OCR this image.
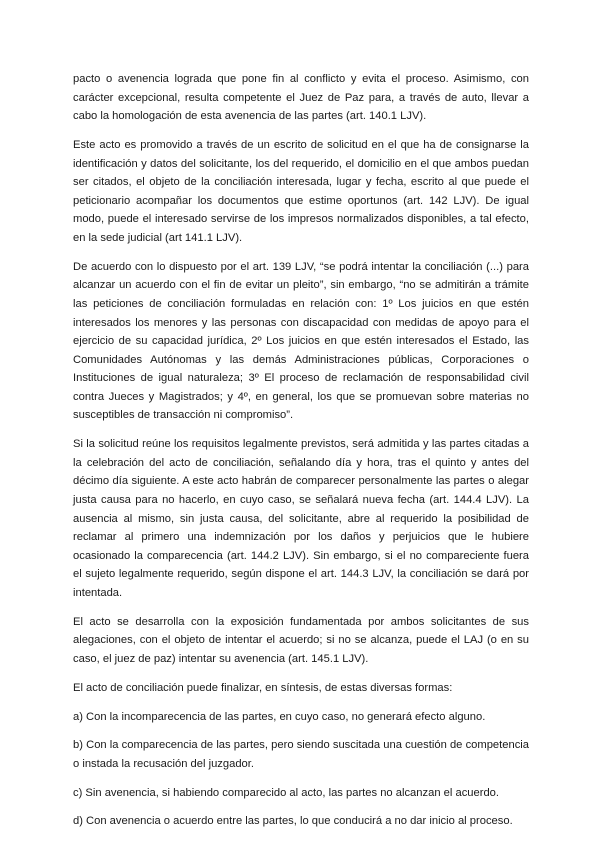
pacto o avenencia lograda que pone fin al conflicto y evita el proceso. Asimismo, con carácter excepcional, resulta competente el Juez de Paz para, a través de auto, llevar a cabo la homologación de esta avenencia de las partes (art. 140.1 LJV).

Este acto es promovido a través de un escrito de solicitud en el que ha de consignarse la identificación y datos del solicitante, los del requerido, el domicilio en el que ambos puedan ser citados, el objeto de la conciliación interesada, lugar y fecha, escrito al que puede el peticionario acompañar los documentos que estime oportunos (art. 142 LJV). De igual modo, puede el interesado servirse de los impresos normalizados disponibles, a tal efecto, en la sede judicial (art 141.1 LJV).

De acuerdo con lo dispuesto por el art. 139 LJV, “se podrá intentar la conciliación (...) para alcanzar un acuerdo con el fin de evitar un pleito”, sin embargo, “no se admitirán a trámite las peticiones de conciliación formuladas en relación con: 1º Los juicios en que estén interesados los menores y las personas con discapacidad con medidas de apoyo para el ejercicio de su capacidad jurídica, 2º Los juicios en que estén interesados el Estado, las Comunidades Autónomas y las demás Administraciones públicas, Corporaciones o Instituciones de igual naturaleza; 3º El proceso de reclamación de responsabilidad civil contra Jueces y Magistrados; y 4º, en general, los que se promuevan sobre materias no susceptibles de transacción ni compromiso”.

Si la solicitud reúne los requisitos legalmente previstos, será admitida y las partes citadas a la celebración del acto de conciliación, señalando día y hora, tras el quinto y antes del décimo día siguiente. A este acto habrán de comparecer personalmente las partes o alegar justa causa para no hacerlo, en cuyo caso, se señalará nueva fecha (art. 144.4 LJV). La ausencia al mismo, sin justa causa, del solicitante, abre al requerido la posibilidad de reclamar al primero una indemnización por los daños y perjuicios que le hubiere ocasionado la comparecencia (art. 144.2 LJV). Sin embargo, si el no compareciente fuera el sujeto legalmente requerido, según dispone el art. 144.3 LJV, la conciliación se dará por intentada.

El acto se desarrolla con la exposición fundamentada por ambos solicitantes de sus alegaciones, con el objeto de intentar el acuerdo; si no se alcanza, puede el LAJ (o en su caso, el juez de paz) intentar su avenencia (art. 145.1 LJV).

El acto de conciliación puede finalizar, en síntesis, de estas diversas formas:

a) Con la incomparecencia de las partes, en cuyo caso, no generará efecto alguno.

b) Con la comparecencia de las partes, pero siendo suscitada una cuestión de competencia o instada la recusación del juzgador.

c) Sin avenencia, si habiendo comparecido al acto, las partes no alcanzan el acuerdo.

d) Con avenencia o acuerdo entre las partes, lo que conducirá a no dar inicio al proceso.
